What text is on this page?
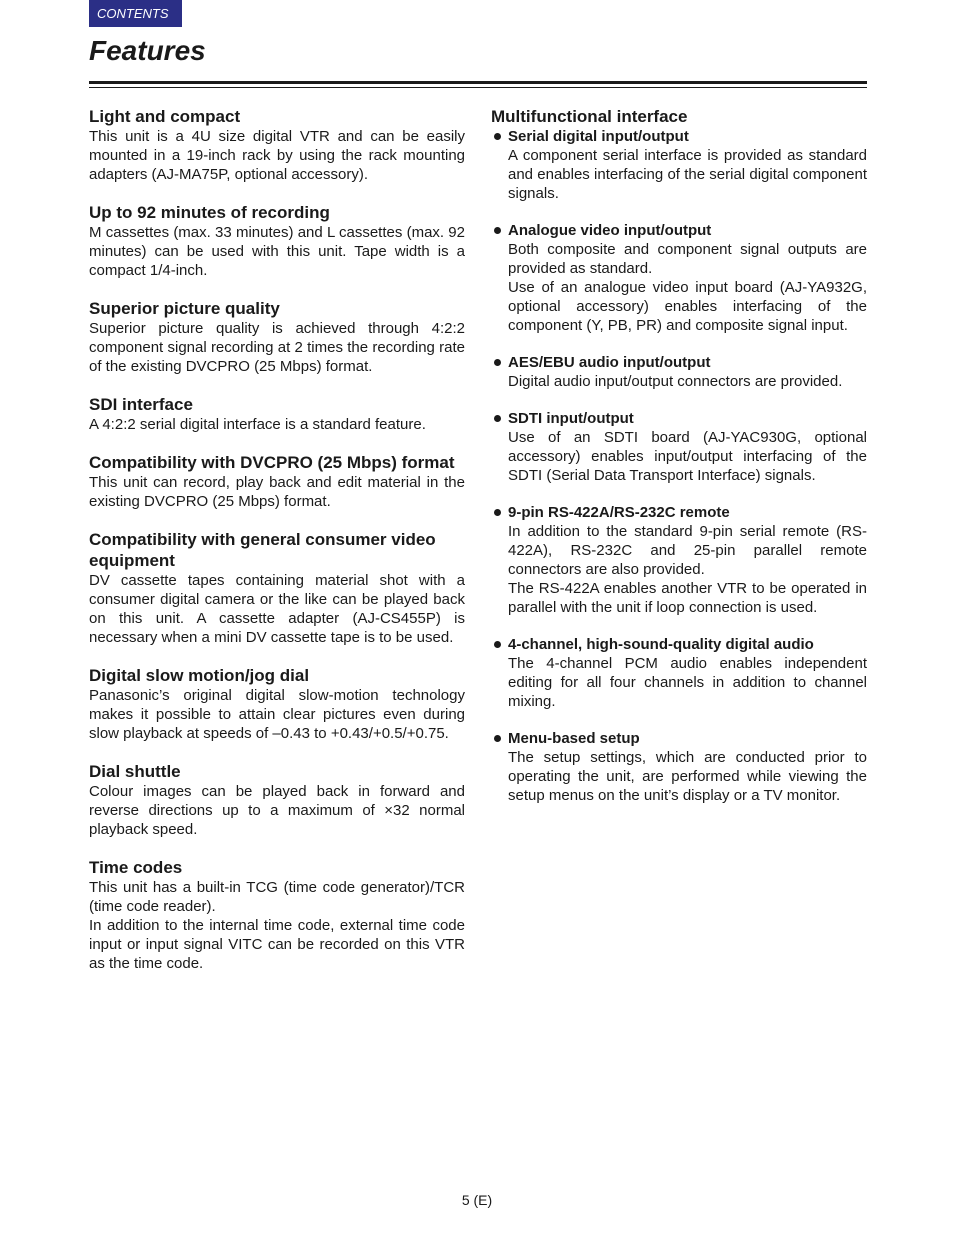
CONTENTS
Features
Light and compact

This unit is a 4U size digital VTR and can be easily mounted in a 19-inch rack by using the rack mounting adapters (AJ-MA75P, optional accessory).

Up to 92 minutes of recording

M cassettes (max. 33 minutes) and L cassettes (max. 92 minutes) can be used with this unit. Tape width is a compact 1/4-inch.

Superior picture quality

Superior picture quality is achieved through 4:2:2 component signal recording at 2 times the recording rate of the existing DVCPRO (25 Mbps) format.

SDI interface

A 4:2:2 serial digital interface is a standard feature.

Compatibility with DVCPRO (25 Mbps) format

This unit can record, play back and edit material in the existing DVCPRO (25 Mbps) format.

Compatibility with general consumer video equipment

DV cassette tapes containing material shot with a consumer digital camera or the like can be played back on this unit. A cassette adapter (AJ-CS455P) is necessary when a mini DV cassette tape is to be used.

Digital slow motion/jog dial

Panasonic’s original digital slow-motion technology makes it possible to attain clear pictures even during slow playback at speeds of –0.43 to +0.43/+0.5/+0.75.

Dial shuttle

Colour images can be played back in forward and reverse directions up to a maximum of ×32 normal playback speed.

Time codes

This unit has a built-in TCG (time code generator)/TCR (time code reader).

In addition to the internal time code, external time code input or input signal VITC can be recorded on this VTR as the time code.

Multifunctional interface
Serial digital input/output

A component serial interface is provided as standard and enables interfacing of the serial digital component signals.

Analogue video input/output

Both composite and component signal outputs are provided as standard.

Use of an analogue video input board (AJ-YA932G, optional accessory) enables interfacing of the component (Y, PB, PR) and composite signal input.

AES/EBU audio input/output

Digital audio input/output connectors are provided.

SDTI input/output

Use of an SDTI board (AJ-YAC930G, optional accessory) enables input/output interfacing of the SDTI (Serial Data Transport Interface) signals.

9-pin RS-422A/RS-232C remote

In addition to the standard 9-pin serial remote (RS-422A), RS-232C and 25-pin parallel remote connectors are also provided.

The RS-422A enables another VTR to be operated in parallel with the unit if loop connection is used.

4-channel, high-sound-quality digital audio

The 4-channel PCM audio enables independent editing for all four channels in addition to channel mixing.

Menu-based setup

The setup settings, which are conducted prior to operating the unit, are performed while viewing the setup menus on the unit’s display or a TV monitor.

5 (E)
